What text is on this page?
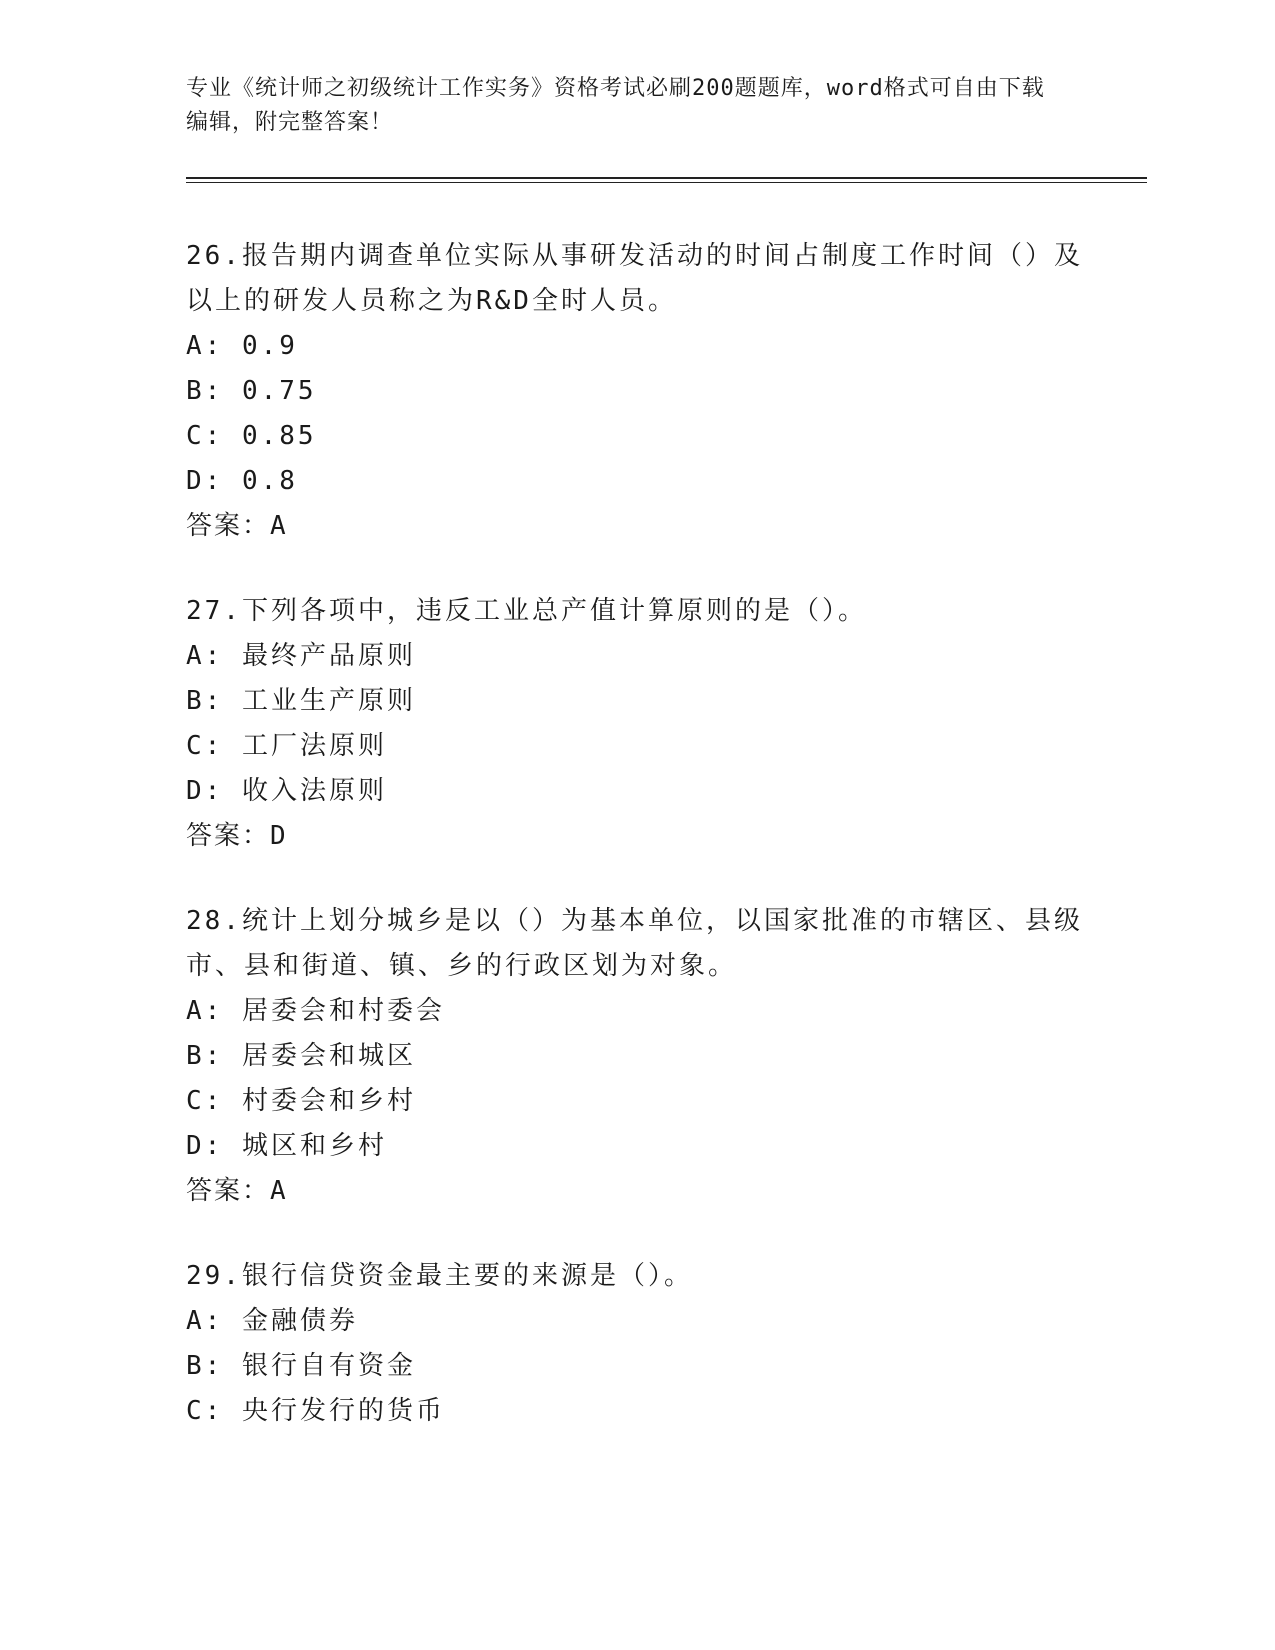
专业《统计师之初级统计工作实务》资格考试必刷200题题库，word格式可自由下载编辑，附完整答案！
26.报告期内调查单位实际从事研发活动的时间占制度工作时间（）及以上的研发人员称之为R&D全时人员。
A: 0.9
B: 0.75
C: 0.85
D: 0.8
答案：A
27.下列各项中，违反工业总产值计算原则的是（）。
A: 最终产品原则
B: 工业生产原则
C: 工厂法原则
D: 收入法原则
答案：D
28.统计上划分城乡是以（）为基本单位，以国家批准的市辖区、县级市、县和街道、镇、乡的行政区划为对象。
A: 居委会和村委会
B: 居委会和城区
C: 村委会和乡村
D: 城区和乡村
答案：A
29.银行信贷资金最主要的来源是（）。
A: 金融债券
B: 银行自有资金
C: 央行发行的货币
